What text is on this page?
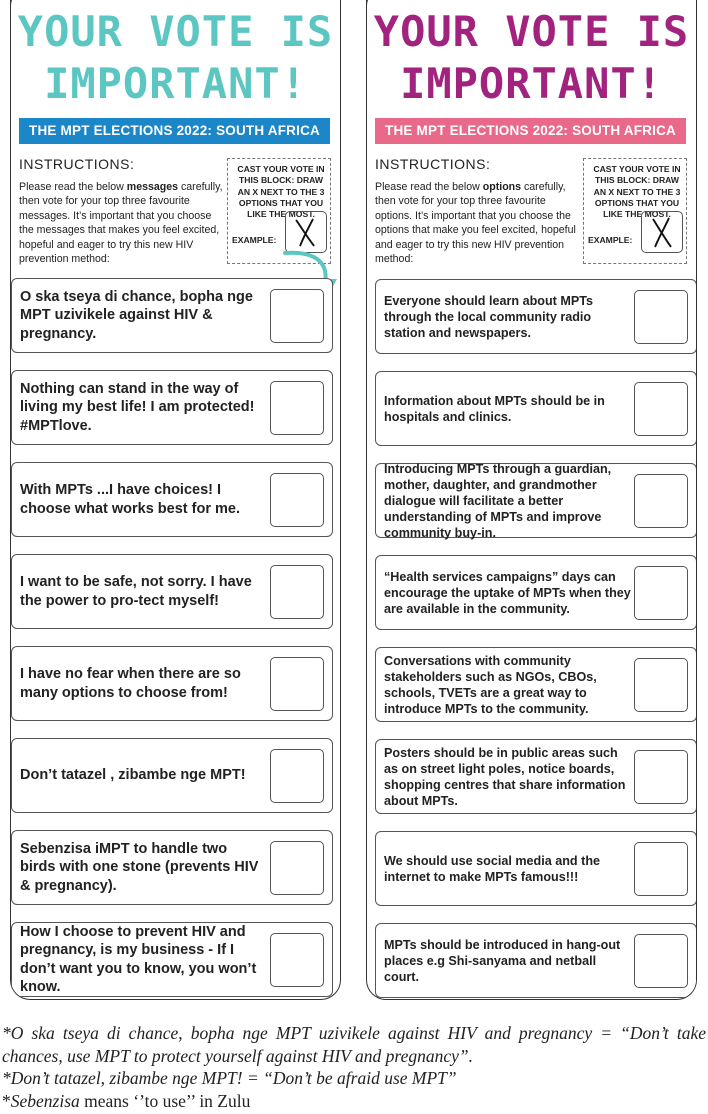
YOUR VOTE IS
IMPORTANT!
THE MPT ELECTIONS 2022: SOUTH AFRICA
INSTRUCTIONS:
Please read the below messages carefully, then vote for your top three favourite messages. It’s important that you choose the messages that makes you feel excited, hopeful and eager to try this new HIV prevention method:
CAST YOUR VOTE IN THIS BLOCK: DRAW AN X NEXT TO THE 3 OPTIONS THAT YOU LIKE THE MOST.
EXAMPLE:
O ska tseya di chance, bopha nge MPT uzivikele against HIV & pregnancy.
Nothing can stand in the way of living my best life! I am protected! #MPTlove.
With MPTs ...I have choices! I choose what works best for me.
I want to be safe, not sorry. I have the power to pro-tect myself!
I have no fear when there are so many options to choose from!
Don’t tatazel , zibambe nge MPT!
Sebenzisa iMPT to handle two birds with one stone (prevents HIV & pregnancy).
How I choose to prevent HIV and pregnancy, is my business - If I don’t want you to know, you won’t know.
YOUR VOTE IS
IMPORTANT!
THE MPT ELECTIONS 2022: SOUTH AFRICA
INSTRUCTIONS:
Please read the below options carefully, then vote for your top three favourite options. It’s important that you choose the options that make you feel excited, hopeful and eager to try this new HIV prevention method:
CAST YOUR VOTE IN THIS BLOCK: DRAW AN X NEXT TO THE 3 OPTIONS THAT YOU LIKE THE MOST.
EXAMPLE:
Everyone should learn about MPTs through the local community radio station and newspapers.
Information about MPTs should be in hospitals and clinics.
Introducing MPTs through a guardian, mother, daughter, and grandmother dialogue will facilitate a better understanding of MPTs and improve community buy-in.
“Health services campaigns” days can encourage the uptake of MPTs when they are available in the community.
Conversations with community stakeholders such as NGOs, CBOs, schools, TVETs are a great way to introduce MPTs to the community.
Posters should be in public areas such as on street light poles, notice boards, shopping centres that share information about MPTs.
We should use social media and the internet to make MPTs famous!!!
MPTs should be introduced in hang-out places e.g Shi-sanyama and netball court.

*O ska tseya di chance, bopha nge MPT uzivikele against HIV and pregnancy = “Don’t take chances, use MPT to protect yourself against HIV and pregnancy”.

*Don’t tatazel, zibambe nge MPT! = “Don’t be afraid use MPT”

*Sebenzisa means ‘’to use’’ in Zulu
